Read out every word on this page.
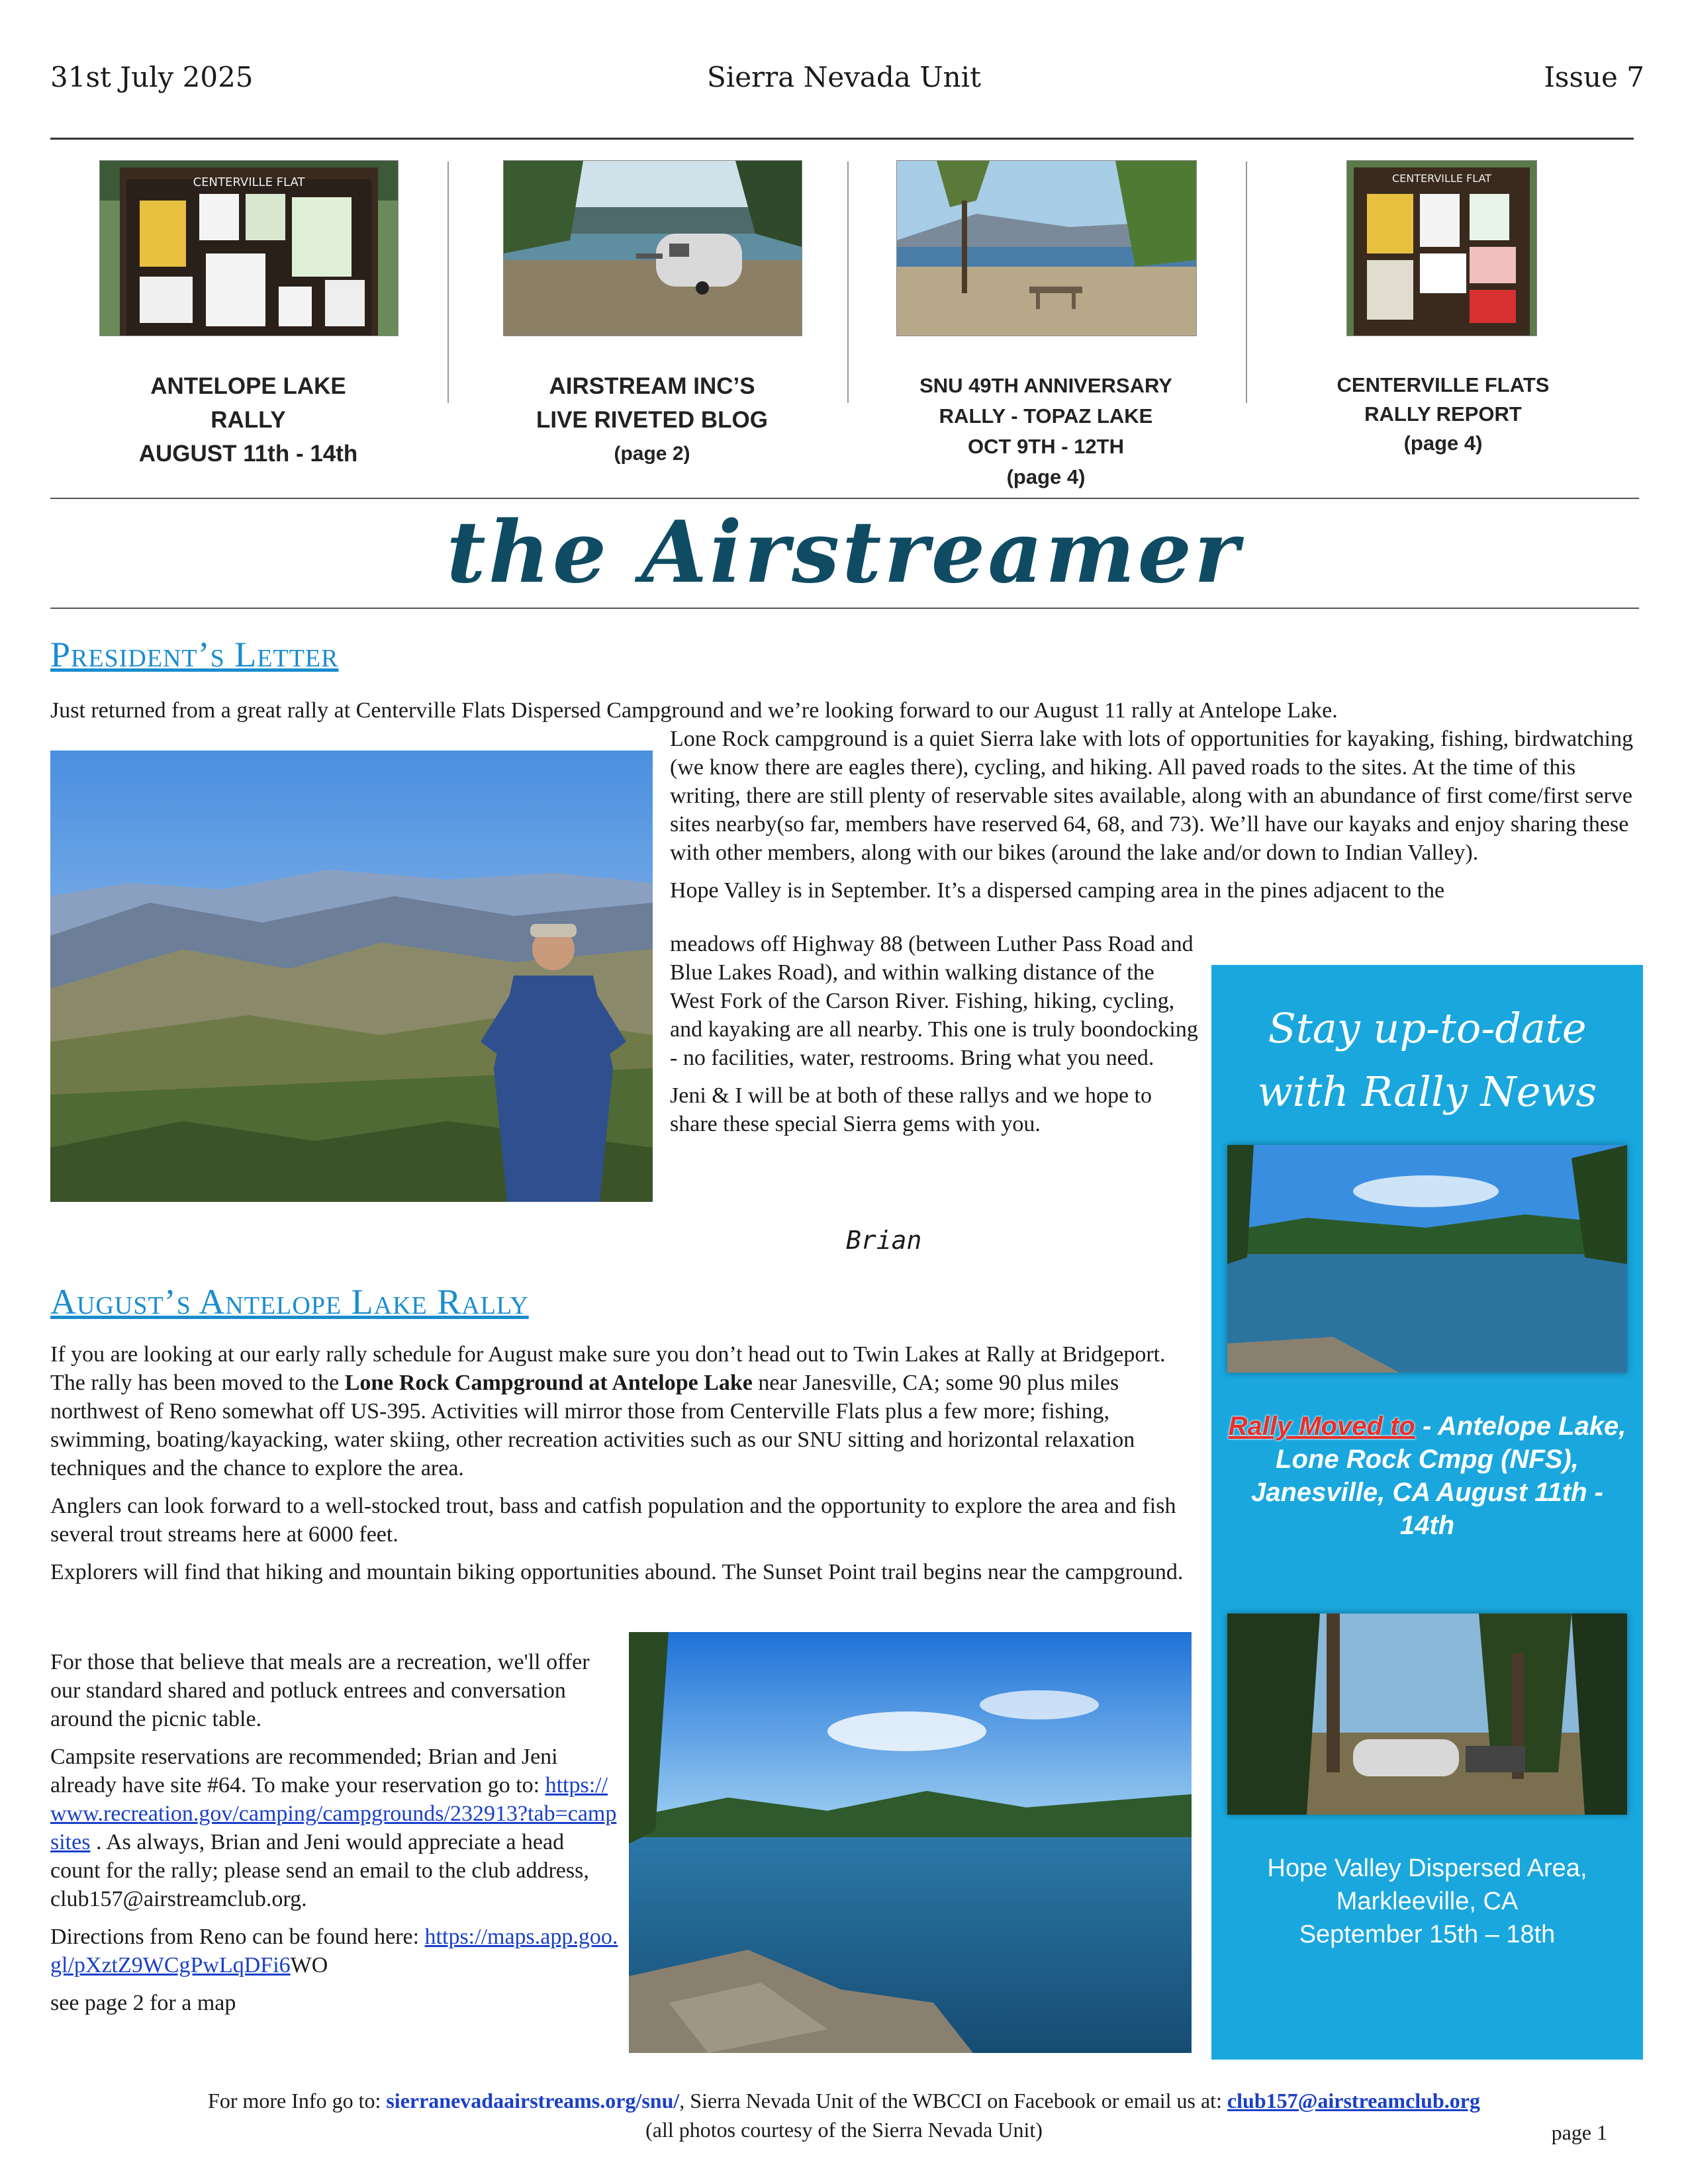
31st July 2025	Sierra Nevada Unit	Issue 7
CENTERVILLE FLAT	CENTERVILLE FLAT
ANTELOPE LAKE
RALLY
AUGUST 11th - 14th
AIRSTREAM INC’S
LIVE RIVETED BLOG
(page 2)
SNU 49TH ANNIVERSARY
RALLY - TOPAZ LAKE
OCT 9TH - 12TH
(page 4)
CENTERVILLE FLATS
RALLY REPORT
(page 4)
the Airstreamer
President’s Letter
Just returned from a great rally at Centerville Flats Dispersed Campground and we’re looking forward to our August 11 rally at Antelope Lake.

Lone Rock campground is a quiet Sierra lake with lots of opportunities for kayaking, fishing, birdwatching (we know there are eagles there), cycling, and hiking. All paved roads to the sites. At the time of this writing, there are still plenty of reservable sites available, along with an abundance of first come/first serve sites nearby(so far, members have reserved 64, 68, and 73). We’ll have our kayaks and enjoy sharing these with other members, along with our bikes (around the lake and/or down to Indian Valley).

Hope Valley is in September. It’s a dispersed camping area in the pines adjacent to the

meadows off Highway 88 (between Luther Pass Road and Blue Lakes Road), and within walking distance of the West Fork of the Carson River. Fishing, hiking, cycling, and kayaking are all nearby. This one is truly boondocking - no facilities, water, restrooms. Bring what you need.

Jeni & I will be at both of these rallys and we hope to share these special Sierra gems with you.

Brian
August’s Antelope Lake Rally

If you are looking at our early rally schedule for August make sure you don’t head out to Twin Lakes at Rally at Bridgeport. The rally has been moved to the Lone Rock Campground at Antelope Lake near Janesville, CA; some 90 plus miles northwest of Reno somewhat off US-395. Activities will mirror those from Centerville Flats plus a few more; fishing, swimming, boating/kayacking, water skiing, other recreation activities such as our SNU sitting and horizontal relaxation techniques and the chance to explore the area.

Anglers can look forward to a well-stocked trout, bass and catfish population and the opportunity to explore the area and fish several trout streams here at 6000 feet.

Explorers will find that hiking and mountain biking opportunities abound. The Sunset Point trail begins near the campground.

For those that believe that meals are a recreation, we'll offer our standard shared and potluck entrees and conversation around the picnic table.

Campsite reservations are recommended; Brian and Jeni already have site #64. To make your reservation go to: https://www.recreation.gov/camping/campgrounds/232913?tab=campsites . As always, Brian and Jeni would appreciate a head count for the rally; please send an email to the club address, club157@airstreamclub.org.

Directions from Reno can be found here: https://maps.app.goo.gl/pXztZ9WCgPwLqDFi6WO

see page 2 for a map

Stay up-to-date
with Rally News
Rally Moved to - Antelope Lake, Lone Rock Cmpg (NFS), Janesville, CA August 11th - 14th
Hope Valley Dispersed Area,
Markleeville, CA
September 15th – 18th
For more Info go to: sierranevadaairstreams.org/snu/, Sierra Nevada Unit of the WBCCI on Facebook or email us at: club157@airstreamclub.org
(all photos courtesy of the Sierra Nevada Unit)	page 1
